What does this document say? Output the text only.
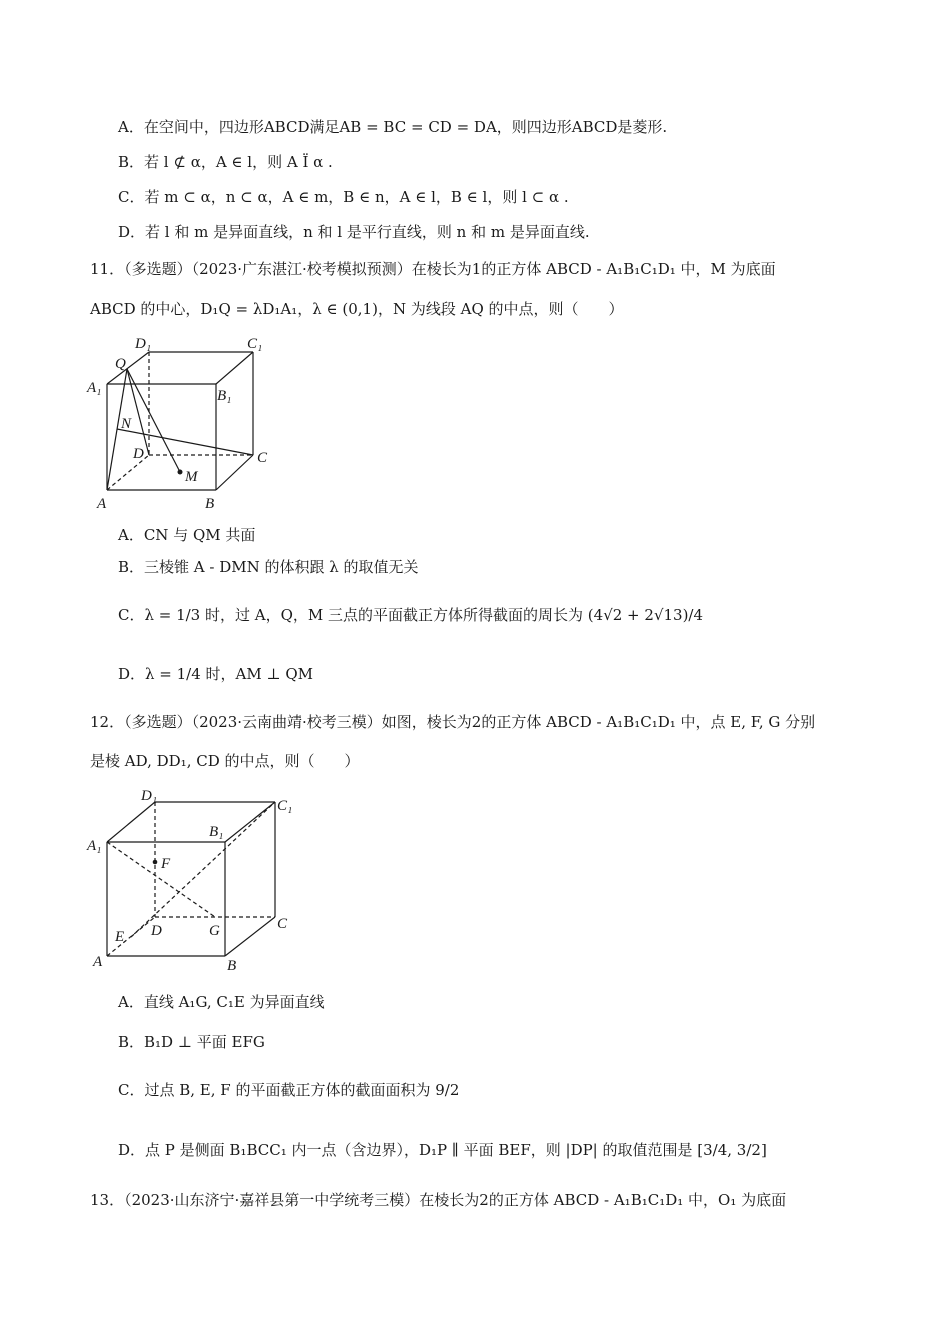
A．在空间中，四边形ABCD满足AB = BC = CD = DA，则四边形ABCD是菱形.
B．若 l ⊄ α，A ∈ l，则 A Ï α .
C．若 m ⊂ α，n ⊂ α，A ∈ m，B ∈ n，A ∈ l，B ∈ l，则 l ⊂ α .
D．若 l 和 m 是异面直线，n 和 l 是平行直线，则 n 和 m 是异面直线.
11．（多选题）（2023·广东湛江·校考模拟预测）在棱长为1的正方体 ABCD - A₁B₁C₁D₁ 中，M 为底面
ABCD 的中心，D₁Q = λD₁A₁，λ ∈ (0,1)，N 为线段 AQ 的中点，则（　　）
D₁	C₁
Q
A₁	B₁
N
D	C
M
A	B
A．CN 与 QM 共面
B．三棱锥 A - DMN 的体积跟 λ 的取值无关
C．λ = 1/3 时，过 A，Q，M 三点的平面截正方体所得截面的周长为 (4√2 + 2√13)/4
D．λ = 1/4 时，AM ⊥ QM
12．（多选题）（2023·云南曲靖·校考三模）如图，棱长为2的正方体 ABCD - A₁B₁C₁D₁ 中，点 E, F, G 分别
是棱 AD, DD₁, CD 的中点，则（　　）
D₁
C₁
B₁
A₁
F
E D	G	C
A	B
A．直线 A₁G, C₁E 为异面直线
B．B₁D ⊥ 平面 EFG
C．过点 B, E, F 的平面截正方体的截面面积为 9/2
D．点 P 是侧面 B₁BCC₁ 内一点（含边界），D₁P ∥ 平面 BEF，则 |DP| 的取值范围是 [3/4, 3/2]
13．（2023·山东济宁·嘉祥县第一中学统考三模）在棱长为2的正方体 ABCD - A₁B₁C₁D₁ 中，O₁ 为底面
